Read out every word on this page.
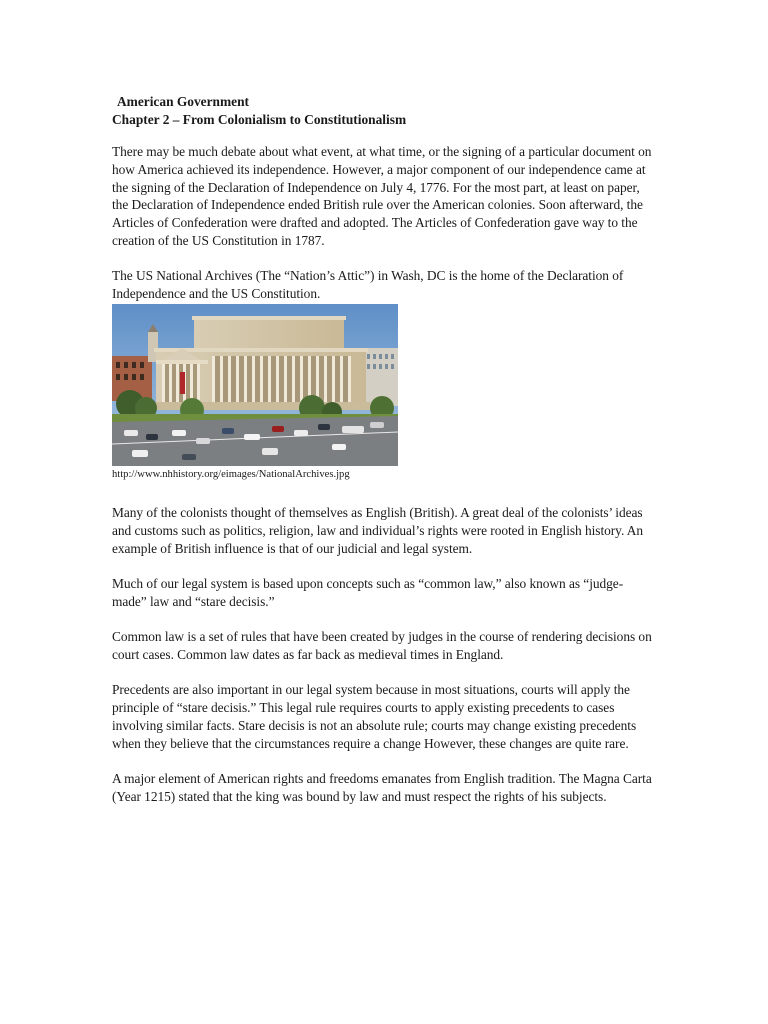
American Government

Chapter 2 – From Colonialism to Constitutionalism

There may be much debate about what event, at what time, or the signing of a particular document on how America achieved its independence. However, a major component of our independence came at the signing of the Declaration of Independence on July 4, 1776. For the most part, at least on paper, the Declaration of Independence ended British rule over the American colonies. Soon afterward, the Articles of Confederation were drafted and adopted. The Articles of Confederation gave way to the creation of the US Constitution in 1787.

The US National Archives (The “Nation’s Attic”) in Wash, DC is the home of the Declaration of Independence and the US Constitution.

http://www.nhhistory.org/eimages/NationalArchives.jpg

Many of the colonists thought of themselves as English (British). A great deal of the colonists’ ideas and customs such as politics, religion, law and individual’s rights were rooted in English history. An example of British influence is that of our judicial and legal system.

Much of our legal system is based upon concepts such as “common law,” also known as “judge-made” law and “stare decisis.”

Common law is a set of rules that have been created by judges in the course of rendering decisions on court cases. Common law dates as far back as medieval times in England.

Precedents are also important in our legal system because in most situations, courts will apply the principle of “stare decisis.” This legal rule requires courts to apply existing precedents to cases involving similar facts. Stare decisis is not an absolute rule; courts may change existing precedents when they believe that the circumstances require a change However, these changes are quite rare.

A major element of American rights and freedoms emanates from English tradition. The Magna Carta (Year 1215) stated that the king was bound by law and must respect the rights of his subjects.
